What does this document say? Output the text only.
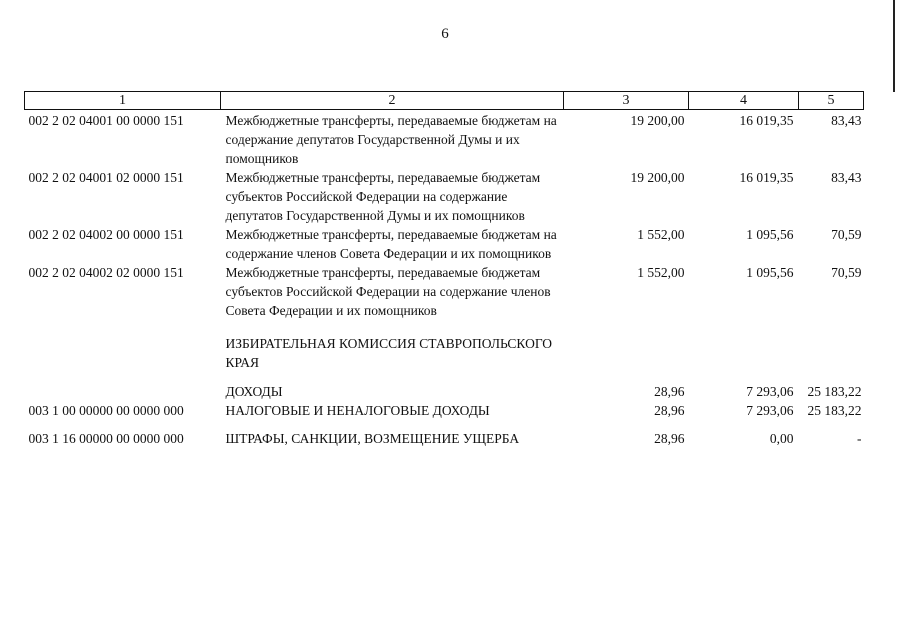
6
1	2	3	4	5
002 2 02 04001 00 0000 151	Межбюджетные трансферты, передаваемые бюджетам на содержание депутатов Государственной Думы и их помощников	19 200,00	16 019,35	83,43
002 2 02 04001 02 0000 151	Межбюджетные трансферты, передаваемые бюджетам субъектов Российской Федерации на содержание депутатов Государственной Думы и их помощников	19 200,00	16 019,35	83,43
002 2 02 04002 00 0000 151	Межбюджетные трансферты, передаваемые бюджетам на содержание членов Совета Федерации и их помощников	1 552,00	1 095,56	70,59
002 2 02 04002 02 0000 151	Межбюджетные трансферты, передаваемые бюджетам субъектов Российской Федерации на содержание членов Совета Федерации и их помощников	1 552,00	1 095,56	70,59
	ИЗБИРАТЕЛЬНАЯ КОМИССИЯ СТАВРОПОЛЬСКОГО КРАЯ			
	ДОХОДЫ	28,96	7 293,06	25 183,22
003 1 00 00000 00 0000 000	НАЛОГОВЫЕ И НЕНАЛОГОВЫЕ ДОХОДЫ	28,96	7 293,06	25 183,22
003 1 16 00000 00 0000 000	ШТРАФЫ, САНКЦИИ, ВОЗМЕЩЕНИЕ УЩЕРБА	28,96	0,00	-
